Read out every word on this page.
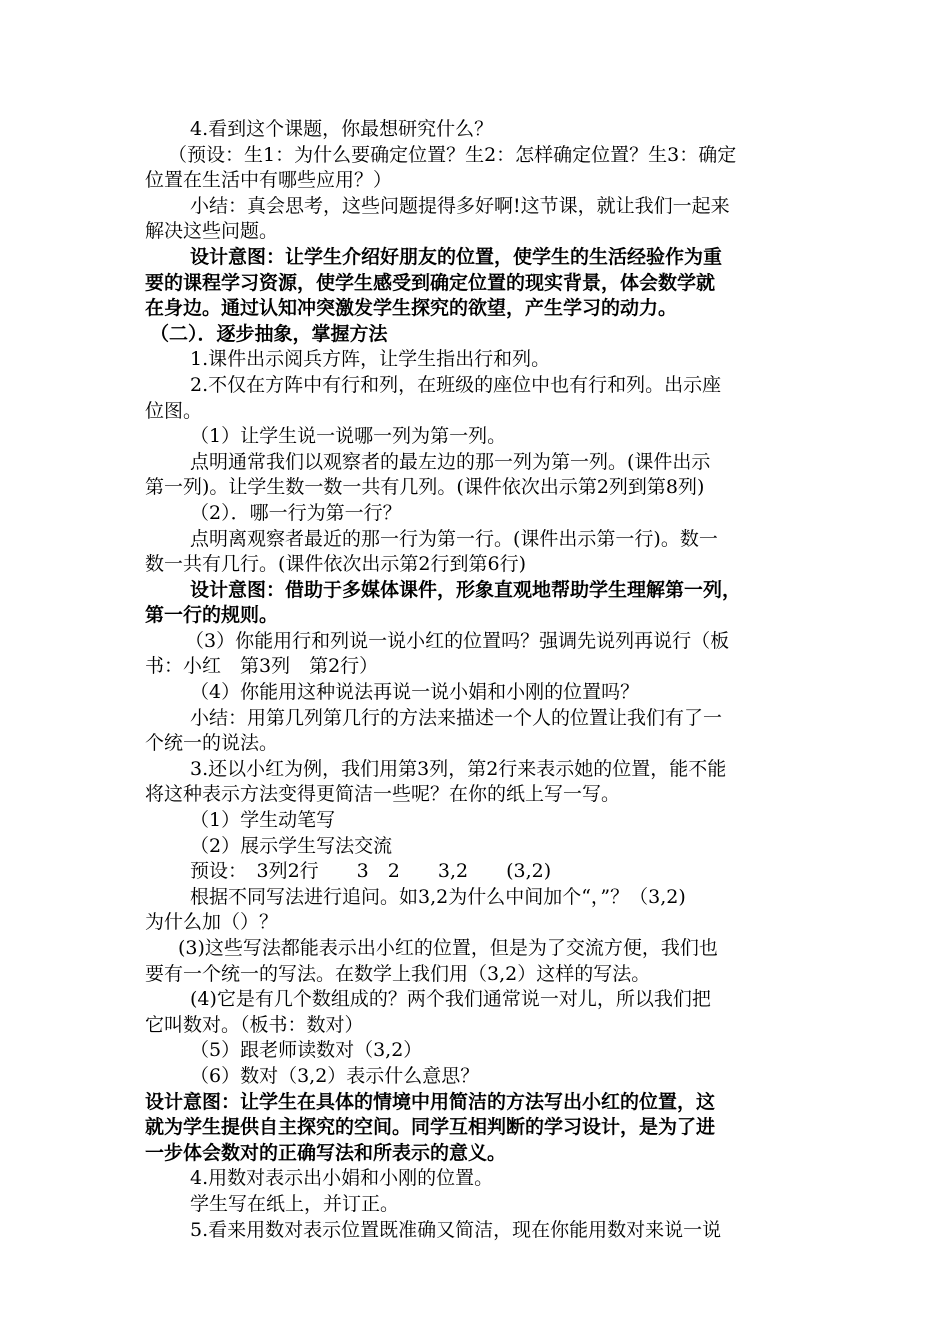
4.看到这个课题，你最想研究什么？
（预设：生1：为什么要确定位置？生2：怎样确定位置？生3：确定
位置在生活中有哪些应用？）
小结：真会思考，这些问题提得多好啊!这节课，就让我们一起来
解决这些问题。
设计意图：让学生介绍好朋友的位置，使学生的生活经验作为重
要的课程学习资源，使学生感受到确定位置的现实背景，体会数学就
在身边。通过认知冲突激发学生探究的欲望，产生学习的动力。
（二）．逐步抽象，掌握方法
1.课件出示阅兵方阵，让学生指出行和列。
2.不仅在方阵中有行和列，在班级的座位中也有行和列。出示座
位图。
（1）让学生说一说哪一列为第一列。
点明通常我们以观察者的最左边的那一列为第一列。(课件出示
第一列)。让学生数一数一共有几列。(课件依次出示第2列到第8列)
（2）．哪一行为第一行？
点明离观察者最近的那一行为第一行。(课件出示第一行)。数一
数一共有几行。(课件依次出示第2行到第6行)
设计意图：借助于多媒体课件，形象直观地帮助学生理解第一列，
第一行的规则。
（3）你能用行和列说一说小红的位置吗？强调先说列再说行（板
书：小红　第3列　第2行）
（4）你能用这种说法再说一说小娟和小刚的位置吗？
小结：用第几列第几行的方法来描述一个人的位置让我们有了一
个统一的说法。
3.还以小红为例，我们用第3列，第2行来表示她的位置，能不能
将这种表示方法变得更简洁一些呢？在你的纸上写一写。
（1）学生动笔写
（2）展示学生写法交流
预设：　3列2行　　3　2　　3,2　　(3,2)
根据不同写法进行追问。如3,2为什么中间加个“，”？（3,2)
为什么加（）？
(3)这些写法都能表示出小红的位置，但是为了交流方便，我们也
要有一个统一的写法。在数学上我们用（3,2）这样的写法。
(4)它是有几个数组成的？两个我们通常说一对儿，所以我们把
它叫数对。（板书：数对）
（5）跟老师读数对（3,2）
（6）数对（3,2）表示什么意思？
设计意图：让学生在具体的情境中用简洁的方法写出小红的位置，这
就为学生提供自主探究的空间。同学互相判断的学习设计，是为了进
一步体会数对的正确写法和所表示的意义。
4.用数对表示出小娟和小刚的位置。
学生写在纸上，并订正。
5.看来用数对表示位置既准确又简洁，现在你能用数对来说一说
